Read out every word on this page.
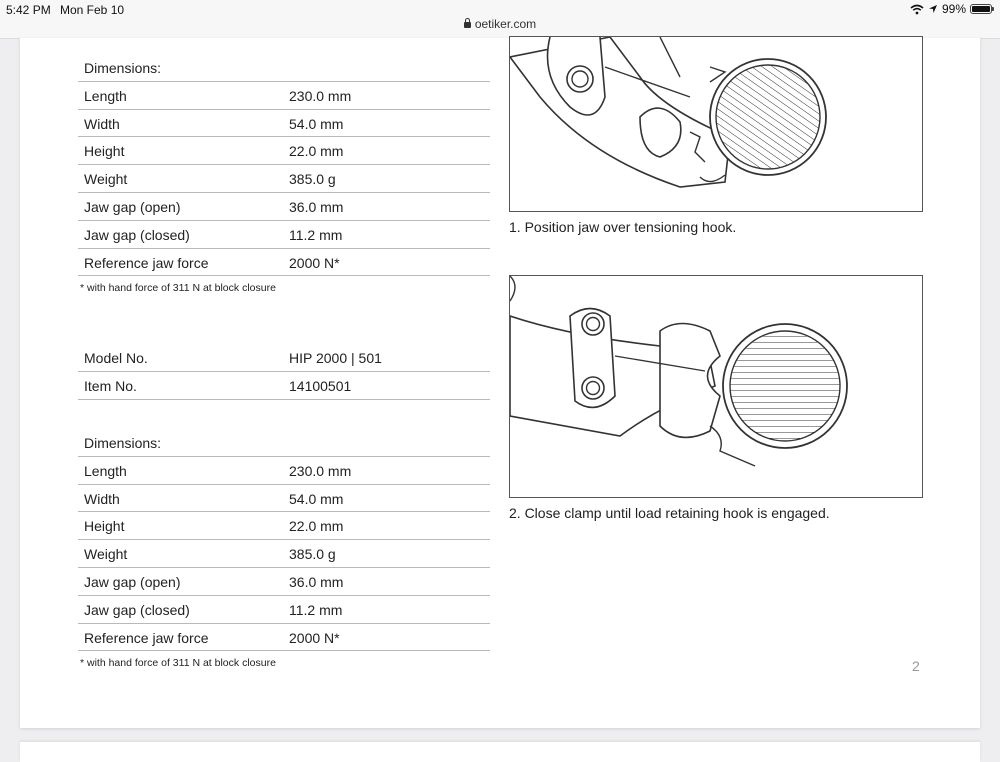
5:42 PM Mon Feb 10	99%
oetiker.com
Dimensions:
Length	230.0 mm
Width	54.0 mm
Height	22.0 mm
Weight	385.0 g
Jaw gap (open)	36.0 mm
Jaw gap (closed)	11.2 mm
Reference jaw force	2000 N*
* with hand force of 311 N at block closure
Model No.	HIP 2000 | 501
Item No.	14100501
Dimensions:
Length	230.0 mm
Width	54.0 mm
Height	22.0 mm
Weight	385.0 g
Jaw gap (open)	36.0 mm
Jaw gap (closed)	11.2 mm
Reference jaw force	2000 N*
* with hand force of 311 N at block closure
1. Position jaw over tensioning hook.
2. Close clamp until load retaining hook is engaged.
2
